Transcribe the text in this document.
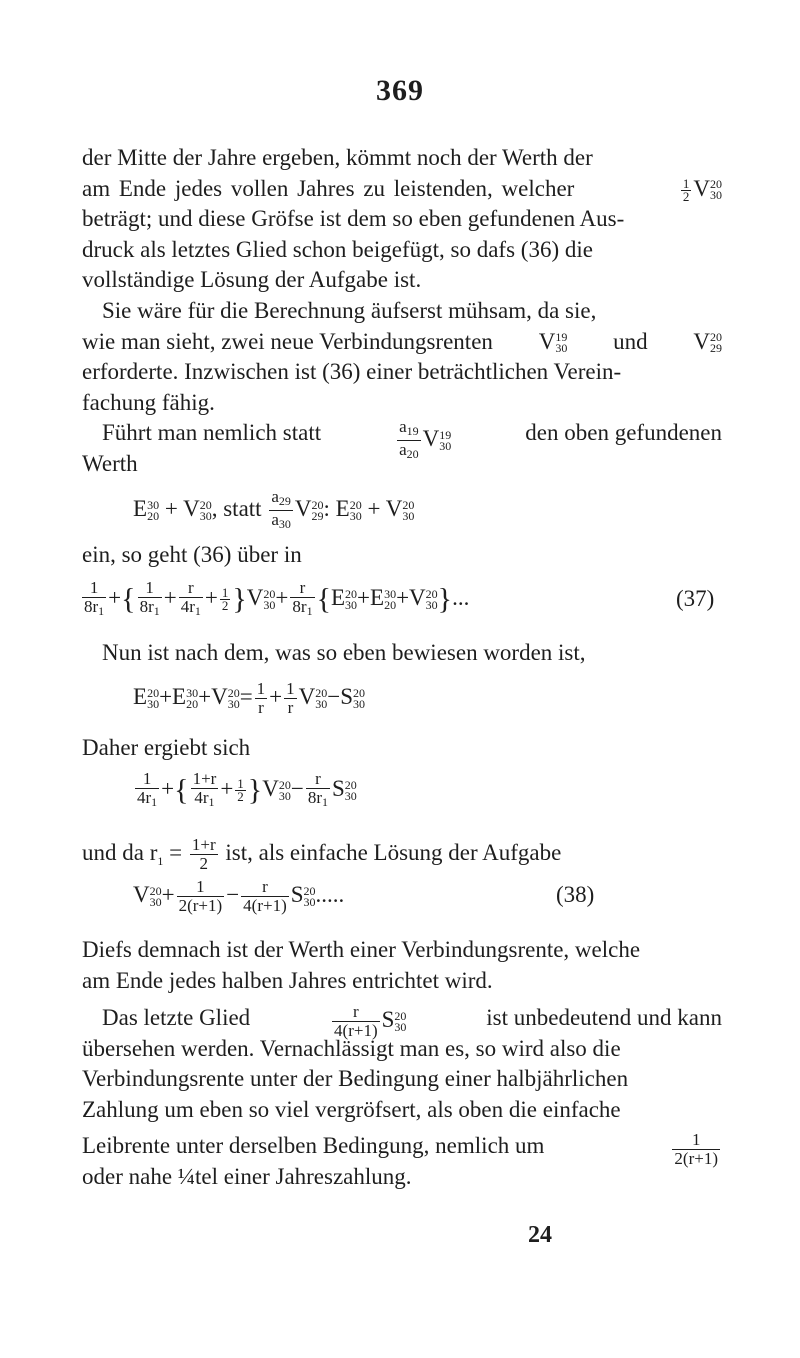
369
der Mitte der Jahre ergeben, kömmt noch der Werth der
am Ende jedes vollen Jahres zu leistenden, welcher	$\frac{1}{2}$ V 20
30
beträgt; und diese Gröfse ist dem so eben gefundenen Aus-
druck als letztes Glied schon beigefügt, so dafs (36) die
vollständige Lösung der Aufgabe ist.
Sie wäre für die Berechnung äufserst mühsam, da sie,
wie man sieht, zwei neue Verbindungsrenten V 19
30 und V 20
29
erforderte. Inzwischen ist (36) einer beträchtlichen Verein-
fachung fähig.
Führt man nemlich statt	$\frac{a_{19}}{a_{20}}$ V 19
30
den oben gefundenen
Werth
E 30
20 + V 20
30 , statt $\frac{a_{29}}{a_{30}}$ V 20
29 : E 20
30 + V 20
30
ein, so geht (36) über in
$\frac{1}{8r_1}$ +{ $\frac{1}{8r_1} + \frac{r}{4r_1} + \frac{1}{2} \}V$ 20
$30 + \frac{r}{8r_1} \{E$ 20
30 +E 30
20 +V 20
30 }...	(37)
Nun ist nach dem, was so eben bewiesen worden ist,
E 20
30 +E 30
20 +V 20
$30 = \frac{1}{r} + \frac{1}{r}$ V 20
30 −S 20
30
Daher ergiebt sich
$\frac{1}{4r_1}$ +{ $\frac{1+r}{4r_1} + \frac{1}{2} \}V$ 20
$30 - \frac{r}{8r_1}$ S 20
30
und da $r_1 = \frac{1+r}{2}$ ist, als einfache Lösung der Aufgabe
V 20
$30 + \frac{1}{2(r+1)} - \frac{r}{4(r+1)}$ S 20
30 .....	(38)
Diefs demnach ist der Werth einer Verbindungsrente, welche
am Ende jedes halben Jahres entrichtet wird.
Das letzte Glied	$\frac{r}{4(r+1)}$ S 20
30	ist unbedeutend und kann
übersehen werden. Vernachlässigt man es, so wird also die
Verbindungsrente unter der Bedingung einer halbjährlichen
Zahlung um eben so viel vergröfsert, als oben die einfache
Leibrente unter derselben Bedingung, nemlich um	$\frac{1}{2(r+1)}$
oder nahe ¼tel einer Jahreszahlung.
24
